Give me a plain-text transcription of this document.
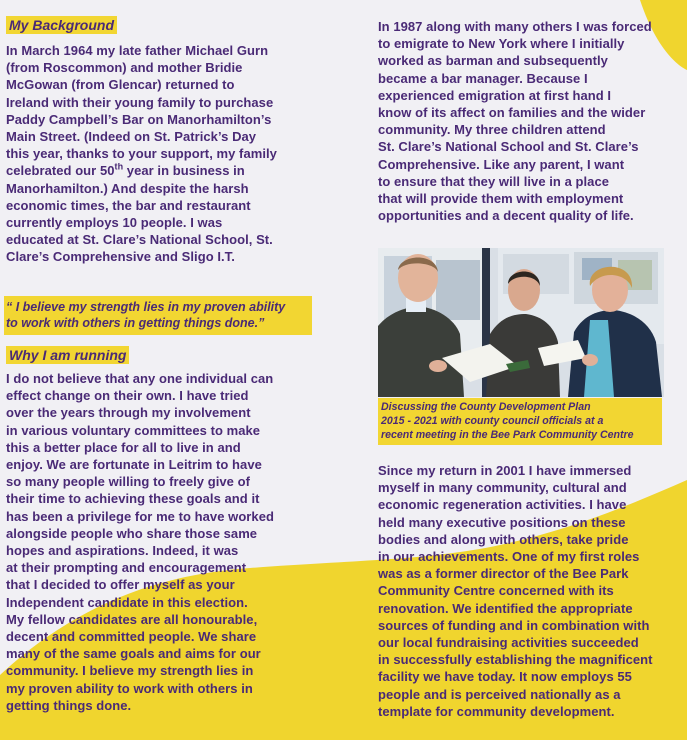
My Background

In March 1964 my late father Michael Gurn

(from Roscommon) and mother Bridie

McGowan (from Glencar) returned to

Ireland with their young family to purchase

Paddy Campbell’s Bar on Manorhamilton’s

Main Street. (Indeed on St. Patrick’s Day

this year, thanks to your support, my family

celebrated our 50th year in business in

Manorhamilton.) And despite the harsh

economic times, the bar and restaurant

currently employs 10 people. I was

educated at St. Clare’s National School, St.

Clare’s Comprehensive and Sligo I.T.

“ I believe my strength lies in my proven ability
to work with others in getting things done.”
Why I am running

I do not believe that any one individual can

effect change on their own. I have tried

over the years through my involvement

in various voluntary committees to make

this a better place for all to live in and

enjoy. We are fortunate in Leitrim to have

so many people willing to freely give of

their time to achieving these goals and it

has been a privilege for me to have worked

alongside people who share those same

hopes and aspirations. Indeed, it was

at their prompting and encouragement

that I decided to offer myself as your

Independent candidate in this election.

My fellow candidates are all honourable,

decent and committed people. We share

many of the same goals and aims for our

community. I believe my strength lies in

my proven ability to work with others in

getting things done.

In 1987 along with many others I was forced

to emigrate to New York where I initially

worked as barman and subsequently

became a bar manager. Because I

experienced emigration at first hand I

know of its affect on families and the wider

community. My three children attend

St. Clare’s National School and St. Clare’s

Comprehensive. Like any parent, I want

to ensure that they will live in a place

that will provide them with employment

opportunities and a decent quality of life.

Since my return in 2001 I have immersed

myself in many community, cultural and

economic regeneration activities. I have

held many executive positions on these

bodies and along with others, take pride

in our achievements. One of my first roles

was as a former director of the Bee Park

Community Centre concerned with its

renovation. We identified the appropriate

sources of funding and in combination with

our local fundraising activities succeeded

in successfully establishing the magnificent

facility we have today. It now employs 55

people and is perceived nationally as a

template for community development.

Discussing the County Development Plan
2015 - 2021 with county council officials at a
recent meeting in the Bee Park Community Centre
